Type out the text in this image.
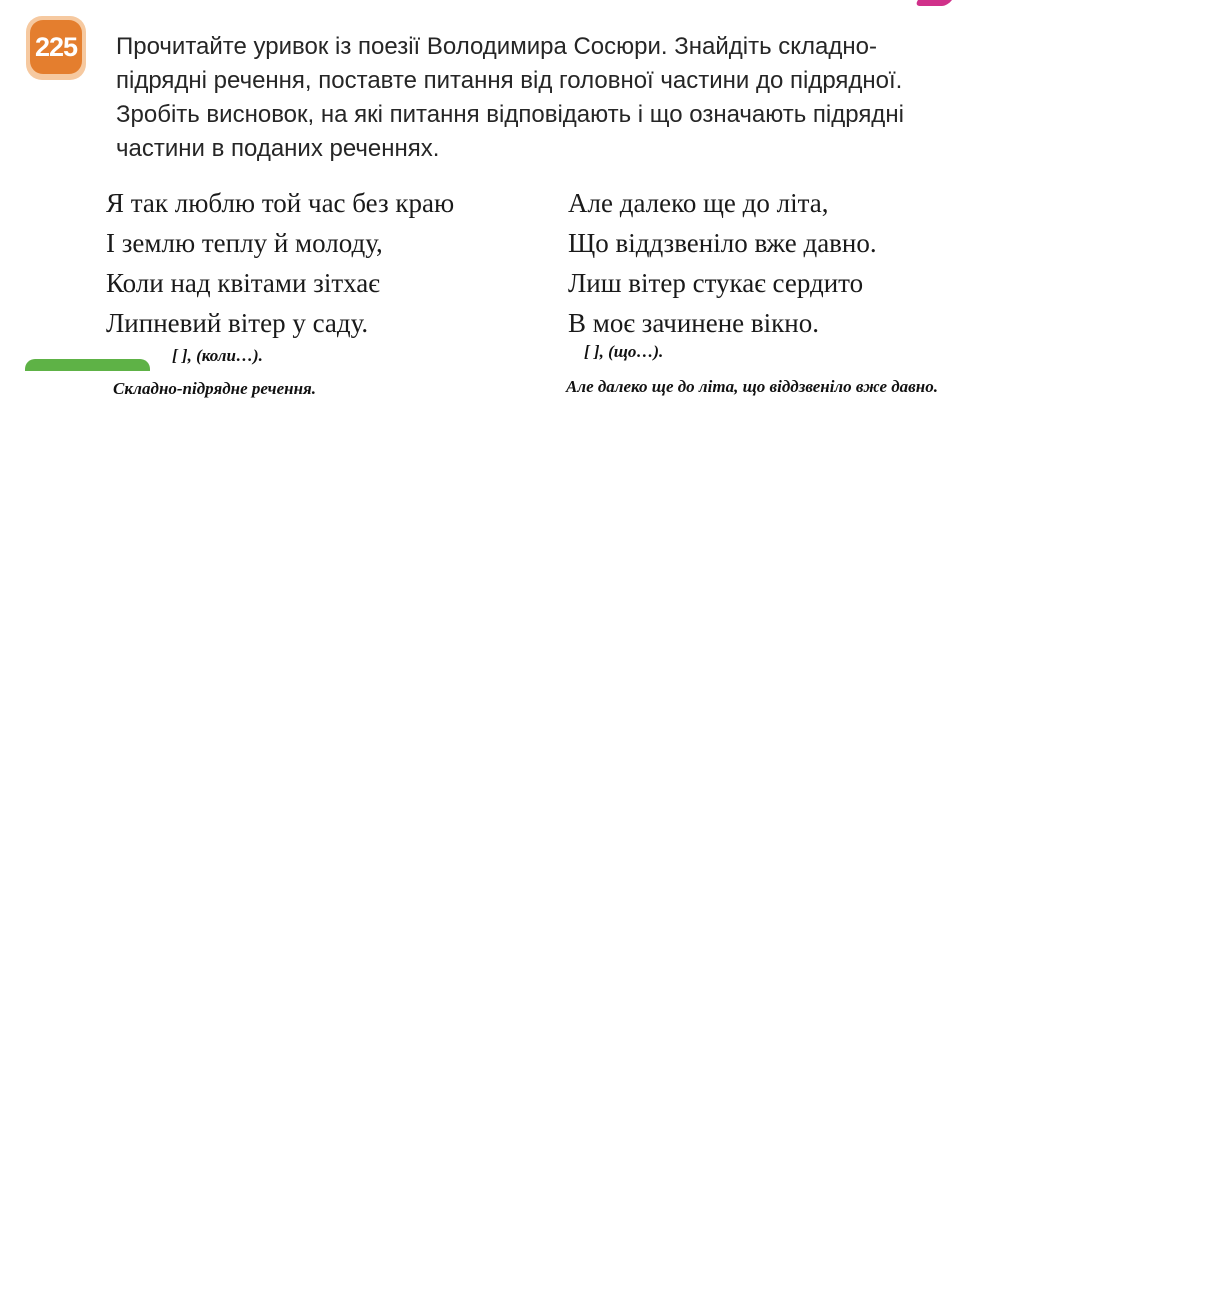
225 Прочитайте уривок із поезії Володимира Сосюри. Знайдіть складно-
підрядні речення, поставте питання від головної частини до підрядної.
Зробіть висновок, на які питання відповідають і що означають підрядні
частини в поданих реченнях.

Я так люблю той час без краю
І землю теплу й молоду,
Коли над квітами зітхає
Липневий вітер у саду.

Але далеко ще до літа,
Що віддзвеніло вже давно.
Лиш вітер стукає сердито
В моє зачинене вікно.

[ ], (коли…).	[ ], (що…).
Складно-підрядне речення.	Але далеко ще до літа, що віддзвеніло вже давно.
